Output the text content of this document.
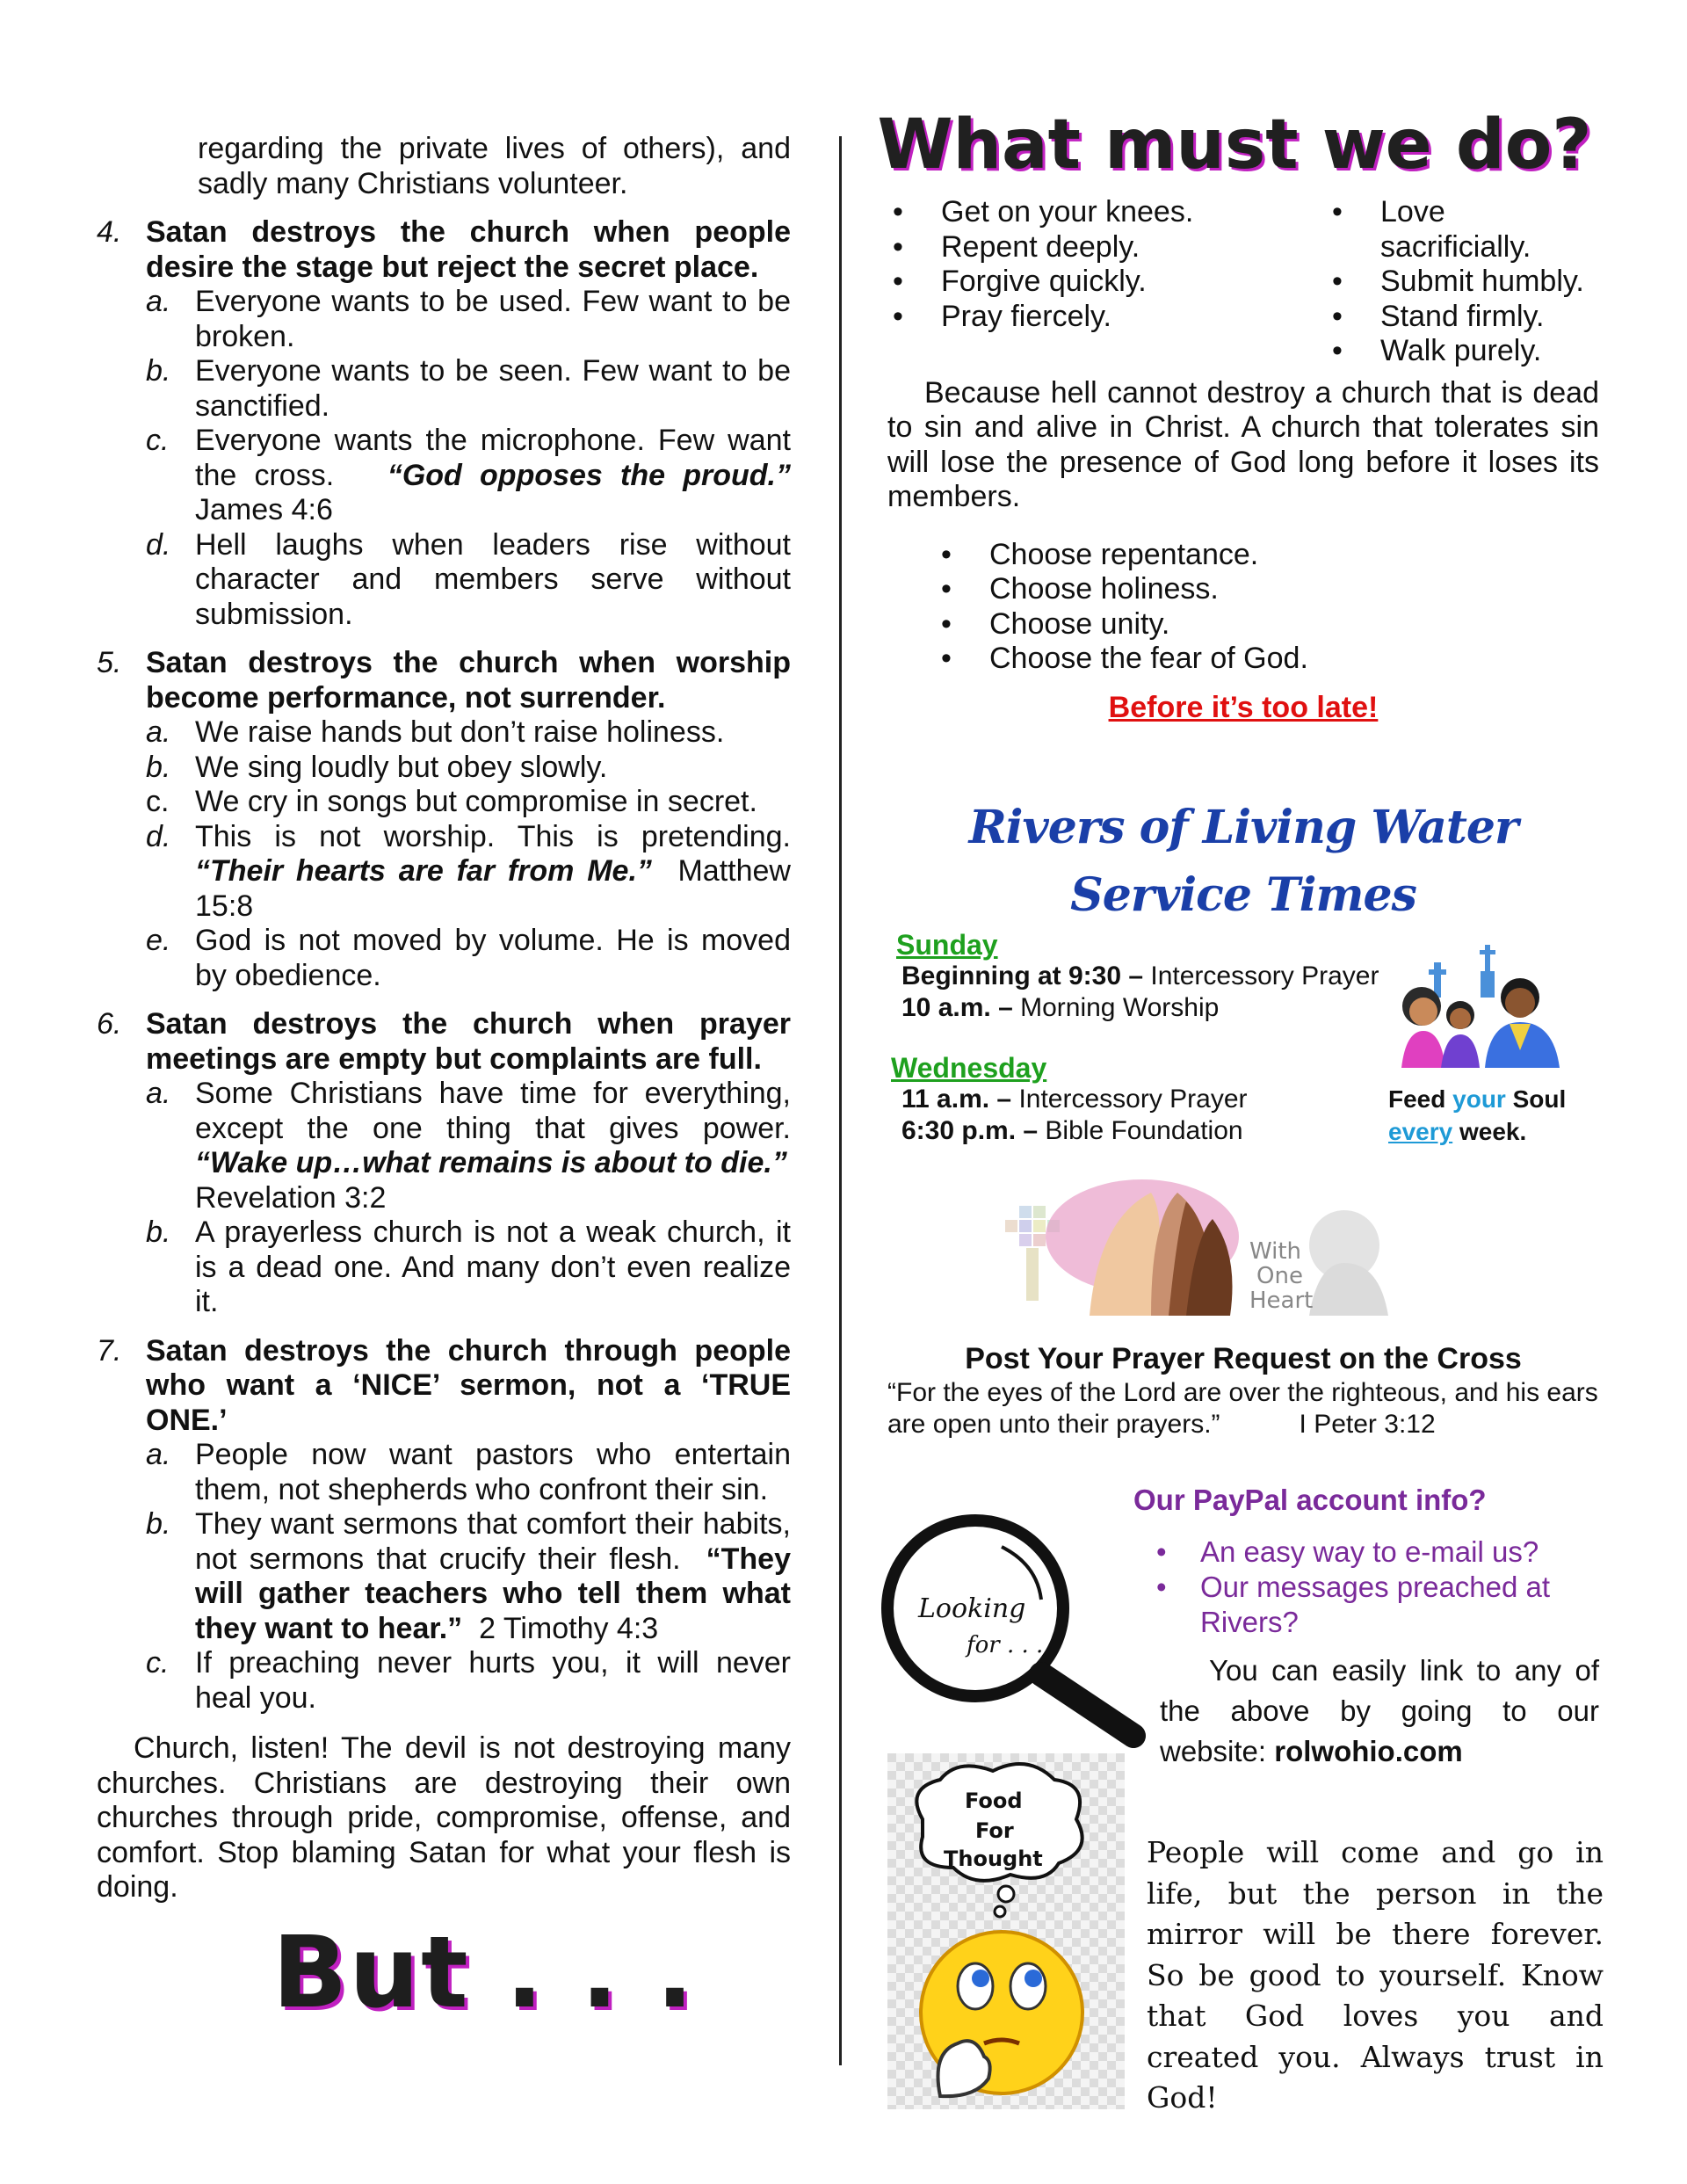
regarding the private lives of others), and sadly many Christians volunteer.
4. Satan destroys the church when people desire the stage but reject the secret place.
a. Everyone wants to be used. Few want to be broken.
b. Everyone wants to be seen. Few want to be sanctified.
c. Everyone wants the microphone. Few want the cross. “God opposes the proud.” James 4:6
d. Hell laughs when leaders rise without character and members serve without submission.
5. Satan destroys the church when worship become performance, not surrender.
a. We raise hands but don’t raise holiness.
b. We sing loudly but obey slowly.
c. We cry in songs but compromise in secret.
d. This is not worship. This is pretending. “Their hearts are far from Me.” Matthew 15:8
e. God is not moved by volume. He is moved by obedience.
6. Satan destroys the church when prayer meetings are empty but complaints are full.
a. Some Christians have time for everything, except the one thing that gives power. “Wake up…what remains is about to die.”
Revelation 3:2
b. A prayerless church is not a weak church, it is a dead one. And many don’t even realize it.
7. Satan destroys the church through people who want a ‘NICE’ sermon, not a ‘TRUE ONE.’
a. People now want pastors who entertain them, not shepherds who confront their sin.
b. They want sermons that comfort their habits, not sermons that crucify their flesh. “They will gather teachers who tell them what they want to hear.” 2 Timothy 4:3
c. If preaching never hurts you, it will never heal you.
Church, listen! The devil is not destroying many churches. Christians are destroying their own churches through pride, compromise, offense, and comfort. Stop blaming Satan for what your flesh is doing.
But . . .
What must we do?
•	Get on your knees.
•	Repent deeply.
•	Forgive quickly.
•	Pray fiercely.
•	Love sacrificially.
•	Submit humbly.
•	Stand firmly.
•	Walk purely.
Because hell cannot destroy a church that is dead to sin and alive in Christ. A church that tolerates sin will lose the presence of God long before it loses its members.
•	Choose repentance.
•	Choose holiness.
•	Choose unity.
•	Choose the fear of God.
Before it’s too late!
Rivers of Living Water
Service Times
Sunday
Beginning at 9:30 – Intercessory Prayer
10 a.m. – Morning Worship
Wednesday
11 a.m. – Intercessory Prayer
6:30 p.m. – Bible Foundation
Feed your Soul
every week.
With
One
Heart
Post Your Prayer Request on the Cross
“For the eyes of the Lord are over the righteous, and his ears are open unto their prayers.”	I Peter 3:12
Our PayPal account info?
•	An easy way to e-mail us?
•	Our messages preached at Rivers?
You can easily link to any of the above by going to our website: rolwohio.com
Looking
for . . .
Food
For
Thought	People will come and go in life, but the person in the mirror will be there forever. So be good to yourself. Know that God loves you and created you. Always trust in God!
